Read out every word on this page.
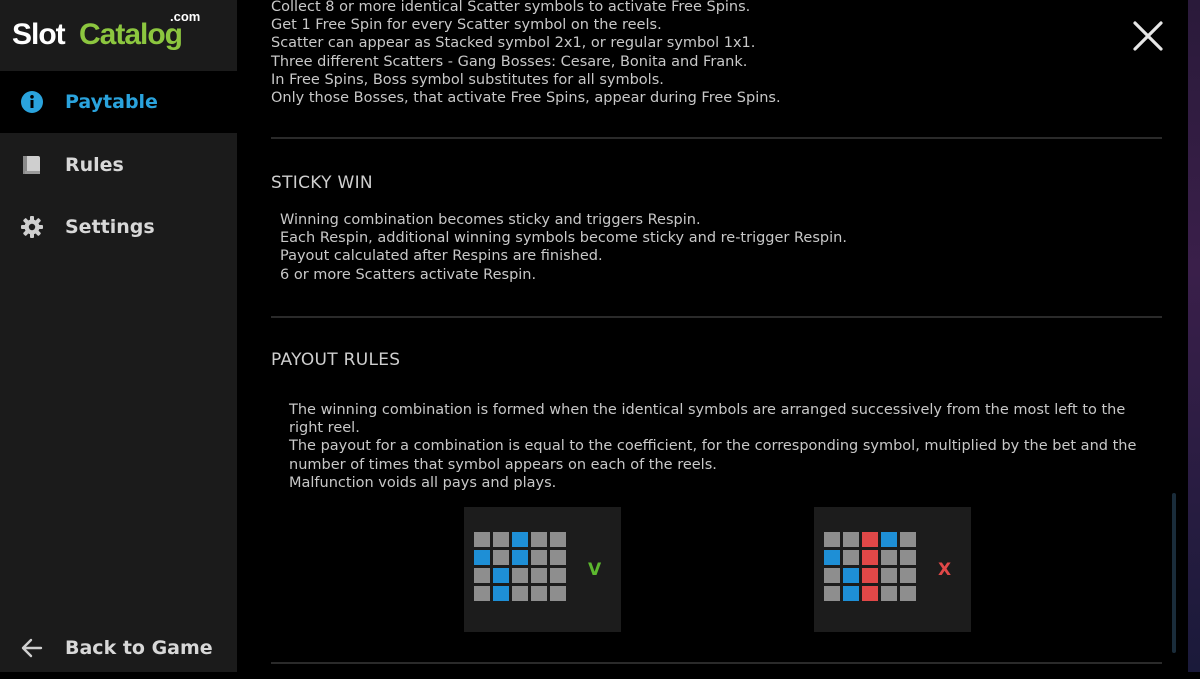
Slot Catalog
.com
Paytable
Rules
Settings
Back to Game
Collect 8 or more identical Scatter symbols to activate Free Spins.
Get 1 Free Spin for every Scatter symbol on the reels.
Scatter can appear as Stacked symbol 2x1, or regular symbol 1x1.
Three different Scatters - Gang Bosses: Cesare, Bonita and Frank.
In Free Spins, Boss symbol substitutes for all symbols.
Only those Bosses, that activate Free Spins, appear during Free Spins.
STICKY WIN
Winning combination becomes sticky and triggers Respin.
Each Respin, additional winning symbols become sticky and re-trigger Respin.
Payout calculated after Respins are finished.
6 or more Scatters activate Respin.
PAYOUT RULES
The winning combination is formed when the identical symbols are arranged successively from the most left to the
right reel.
The payout for a combination is equal to the coefficient, for the corresponding symbol, multiplied by the bet and the
number of times that symbol appears on each of the reels.
Malfunction voids all pays and plays.
V	X
